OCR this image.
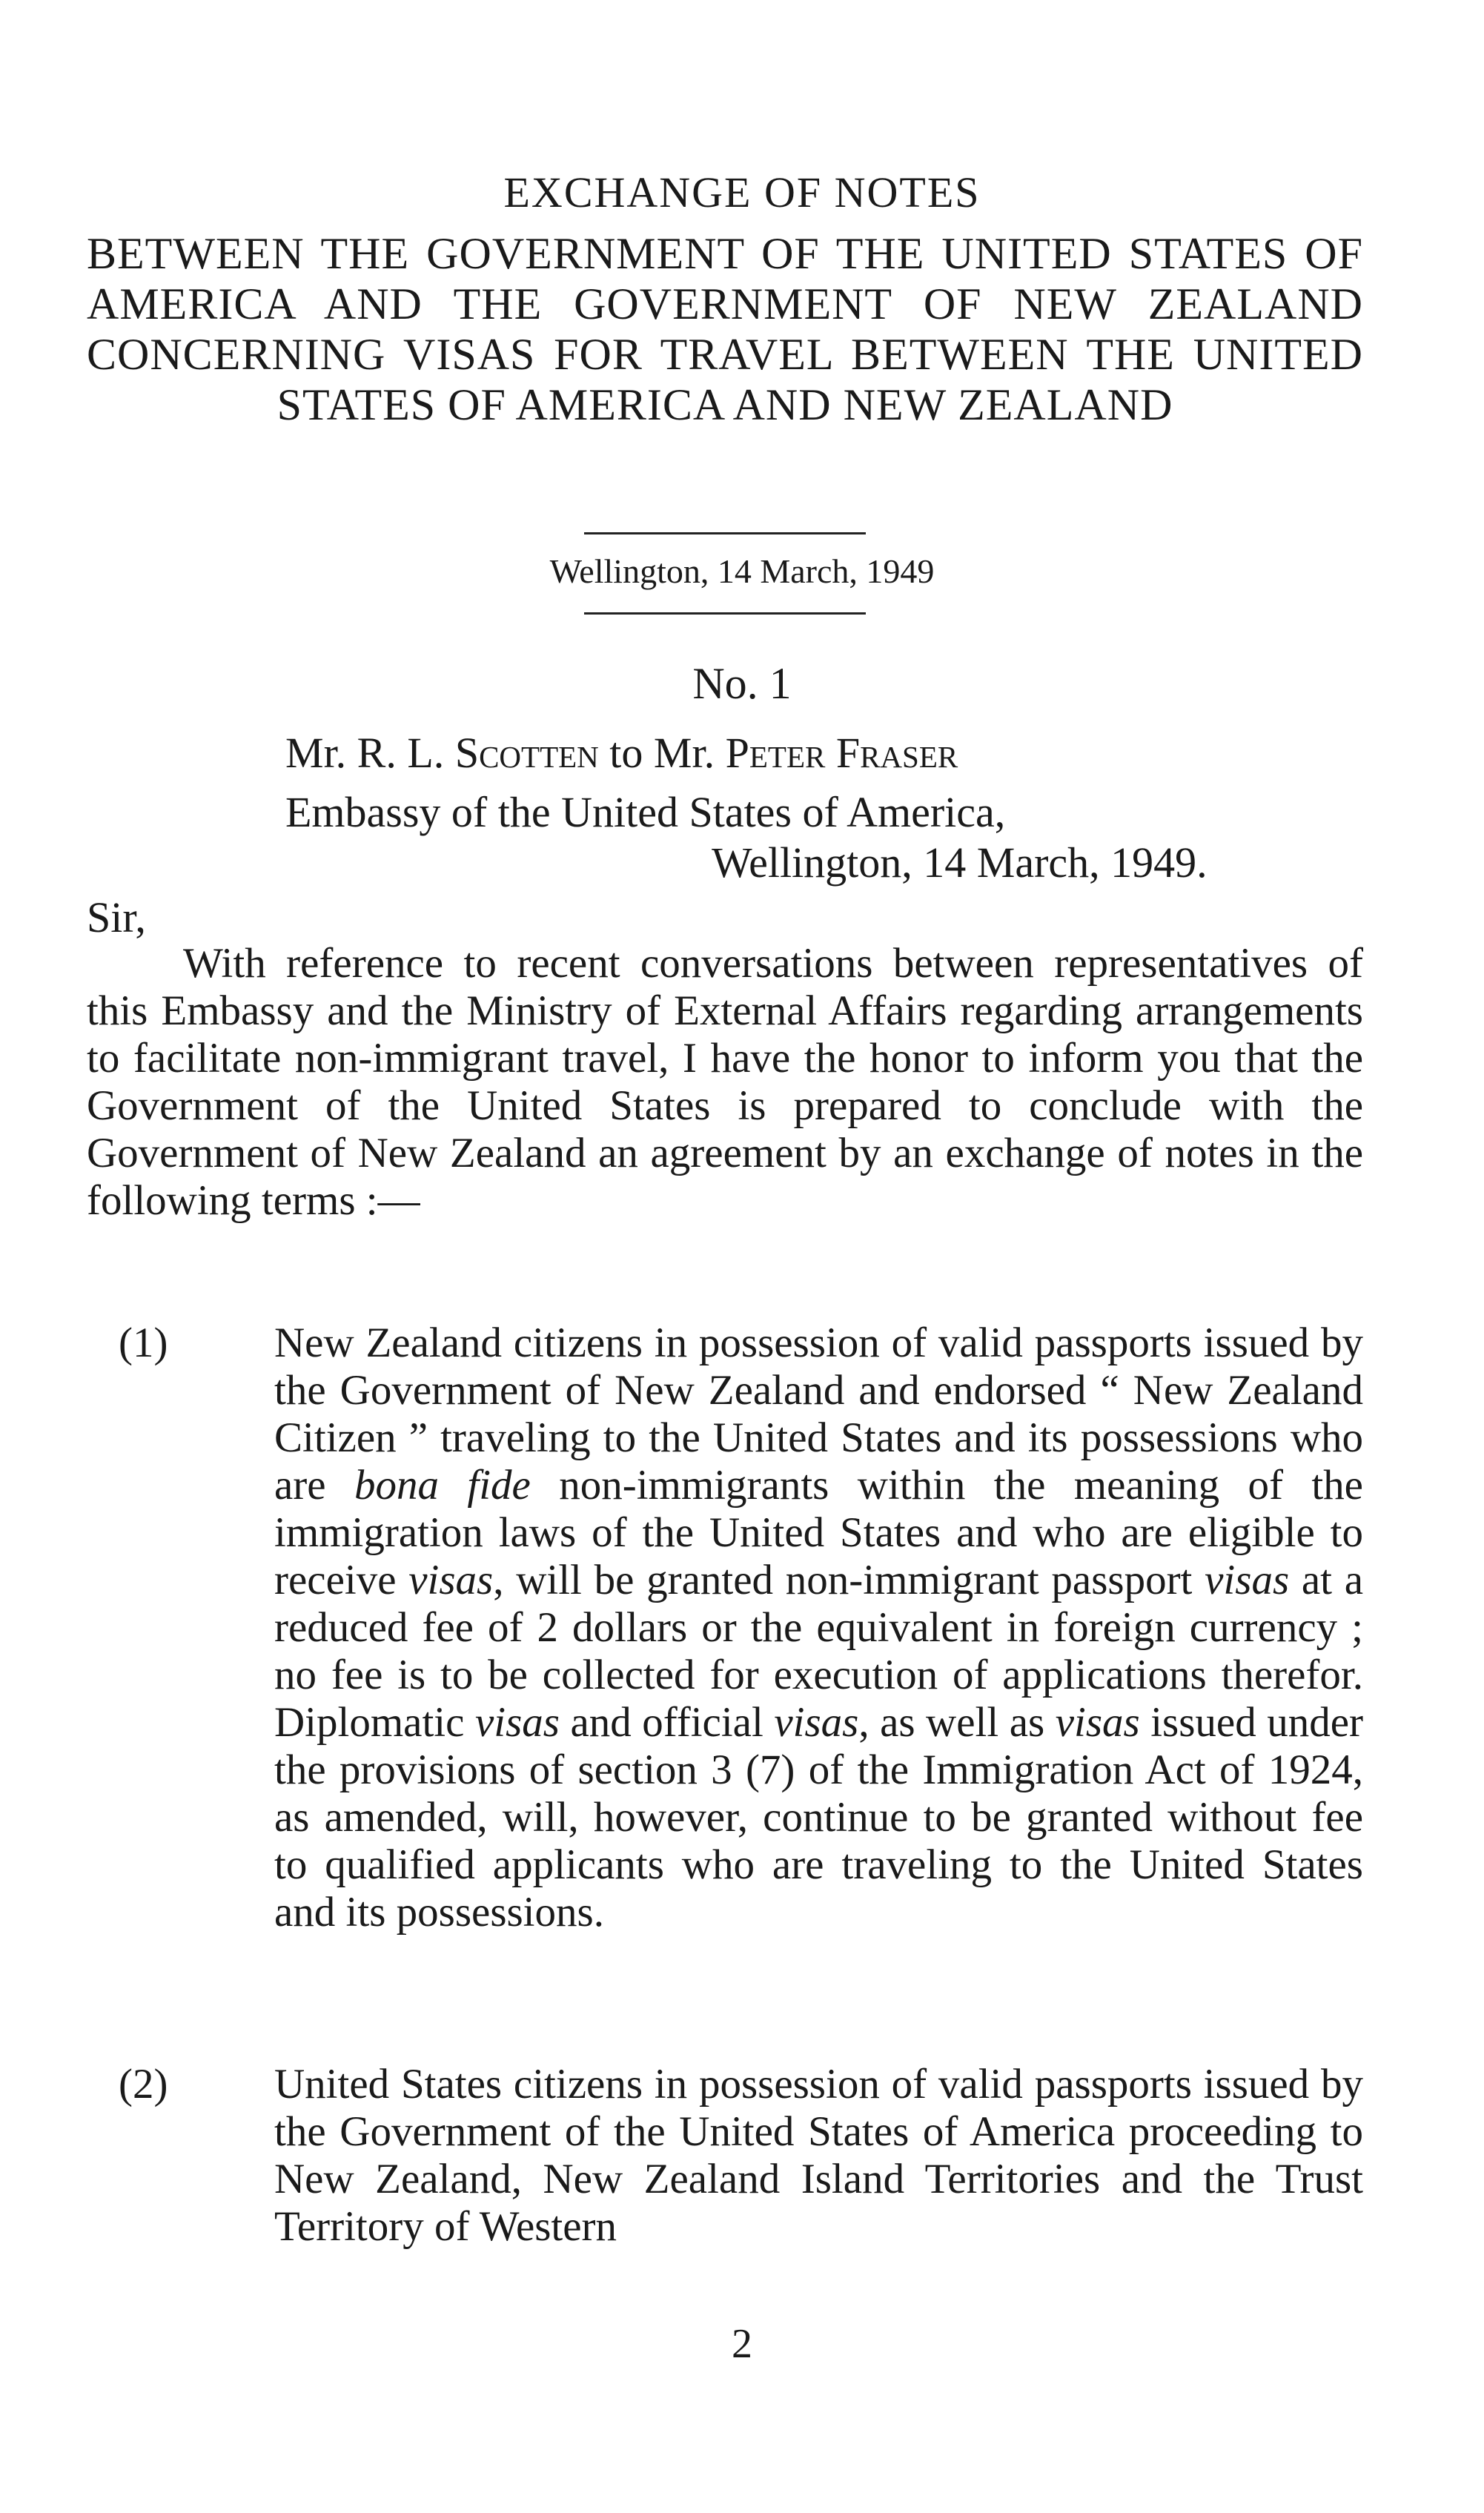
EXCHANGE OF NOTES
BETWEEN THE GOVERNMENT OF THE UNITED STATES OF AMERICA AND THE GOVERNMENT OF NEW ZEALAND CONCERNING VISAS FOR TRAVEL BETWEEN THE UNITED STATES OF AMERICA AND NEW ZEALAND
Wellington, 14 March, 1949
No. 1
Mr. R. L. Scotten to Mr. Peter Fraser
Embassy of the United States of America,
Wellington, 14 March, 1949.
Sir,
With reference to recent conversations between representatives of this Embassy and the Ministry of External Affairs regarding arrangements to facilitate non-immigrant travel, I have the honor to inform you that the Government of the United States is prepared to conclude with the Government of New Zealand an agreement by an exchange of notes in the following terms :—
(1)	New Zealand citizens in possession of valid passports issued by the Government of New Zealand and endorsed “ New Zealand Citizen ” traveling to the United States and its possessions who are bona fide non-immigrants within the meaning of the immigration laws of the United States and who are eligible to receive visas, will be granted non-immigrant passport visas at a reduced fee of 2 dollars or the equivalent in foreign currency ; no fee is to be collected for execution of applications therefor. Diplomatic visas and official visas, as well as visas issued under the provisions of section 3 (7) of the Immigration Act of 1924, as amended, will, however, continue to be granted without fee to qualified applicants who are traveling to the United States and its possessions.
(2)	United States citizens in possession of valid passports issued by the Government of the United States of America proceeding to New Zealand, New Zealand Island Territories and the Trust Territory of Western
2
